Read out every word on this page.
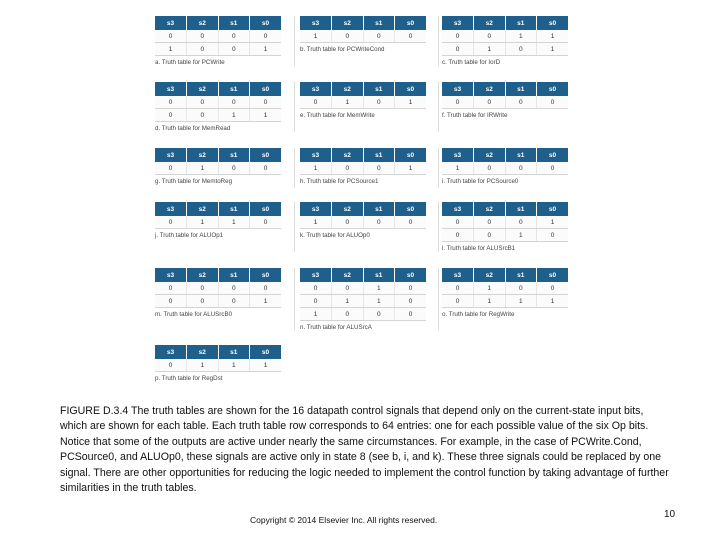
s3	s2	s1	s0
0	0	0	0
1	0	0	1
a. Truth table for PCWrite
s3	s2	s1	s0
1	0	0	0
b. Truth table for PCWriteCond
s3	s2	s1	s0
0	0	1	1
0	1	0	1
c. Truth table for IorD
s3	s2	s1	s0
0	0	0	0
0	0	1	1
d. Truth table for MemRead
s3	s2	s1	s0
0	1	0	1
e. Truth table for MemWrite
s3	s2	s1	s0
0	0	0	0
f. Truth table for IRWrite
s3	s2	s1	s0
0	1	0	0
g. Truth table for MemtoReg
s3	s2	s1	s0
1	0	0	1
h. Truth table for PCSource1
s3	s2	s1	s0
1	0	0	0
i. Truth table for PCSource0
s3	s2	s1	s0
0	1	1	0
j. Truth table for ALUOp1
s3	s2	s1	s0
1	0	0	0
k. Truth table for ALUOp0
s3	s2	s1	s0
0	0	0	1
0	0	1	0
l. Truth table for ALUSrcB1
s3	s2	s1	s0
0	0	0	0
0	0	0	1
m. Truth table for ALUSrcB0
s3	s2	s1	s0
0	0	1	0
0	1	1	0
1	0	0	0
n. Truth table for ALUSrcA
s3	s2	s1	s0
0	1	0	0
0	1	1	1
o. Truth table for RegWrite
s3	s2	s1	s0
0	1	1	1
p. Truth table for RegDst

FIGURE D.3.4 The truth tables are shown for the 16 datapath control signals that depend only on the current-state input bits, which are shown for each table. Each truth table row corresponds to 64 entries: one for each possible value of the six Op bits. Notice that some of the outputs are active under nearly the same circumstances. For example, in the case of PCWrite.Cond, PCSource0, and ALUOp0, these signals are active only in state 8 (see b, i, and k). These three signals could be replaced by one signal. There are other opportunities for reducing the logic needed to implement the control function by taking advantage of further similarities in the truth tables.

Copyright © 2014 Elsevier Inc. All rights reserved.	10
